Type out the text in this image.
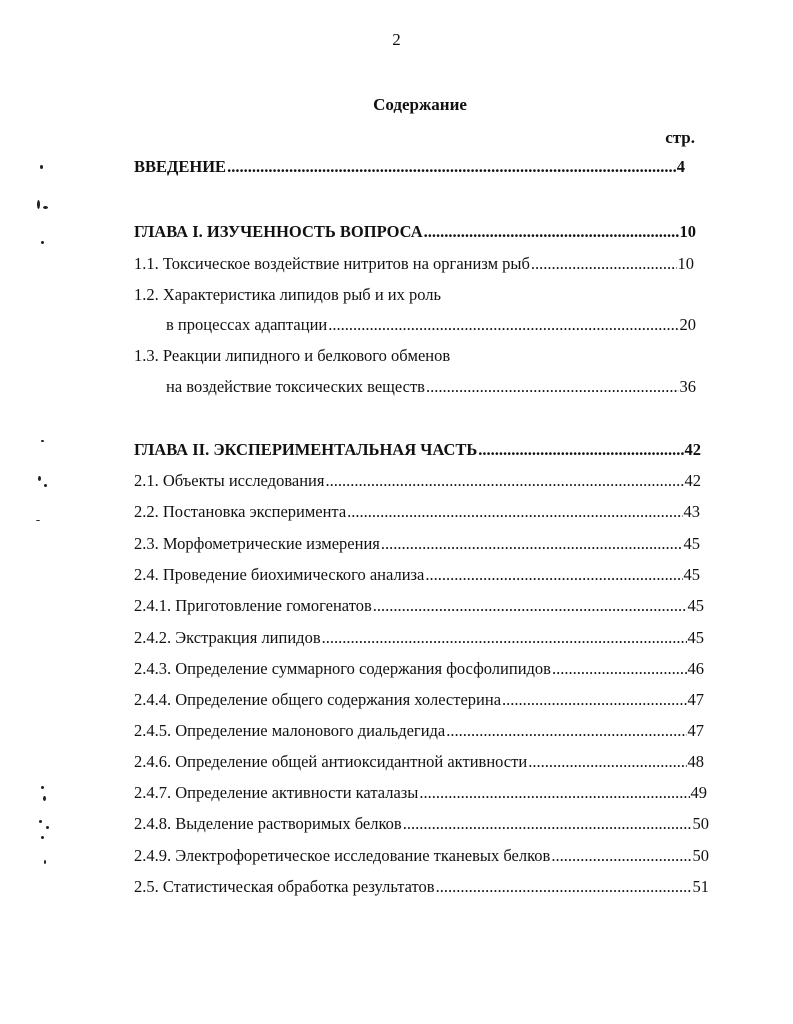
2
Содержание
стр.
ВВЕДЕНИЕ .....	4
ГЛАВА I. ИЗУЧЕННОСТЬ ВОПРОСА .....	10
1.1. Токсическое воздействие нитритов на организм рыб .....	10
1.2. Характеристика липидов рыб и их роль
в процессах адаптации .....	20
1.3. Реакции липидного и белкового обменов
на воздействие токсических веществ .....	36
ГЛАВА II. ЭКСПЕРИМЕНТАЛЬНАЯ ЧАСТЬ .....	42
2.1. Объекты исследования .....	42
2.2. Постановка эксперимента .....	43
2.3. Морфометрические измерения .....	45
2.4. Проведение биохимического анализа .....	45
2.4.1. Приготовление гомогенатов .....	45
2.4.2. Экстракция липидов .....	45
2.4.3. Определение суммарного содержания фосфолипидов .....	46
2.4.4. Определение общего содержания холестерина .....	47
2.4.5. Определение малонового диальдегида .....	47
2.4.6. Определение общей антиоксидантной активности .....	48
2.4.7. Определение активности каталазы .....	49
2.4.8. Выделение растворимых белков .....	50
2.4.9. Электрофоретическое исследование тканевых белков .....	50
2.5. Статистическая обработка результатов .....	51
